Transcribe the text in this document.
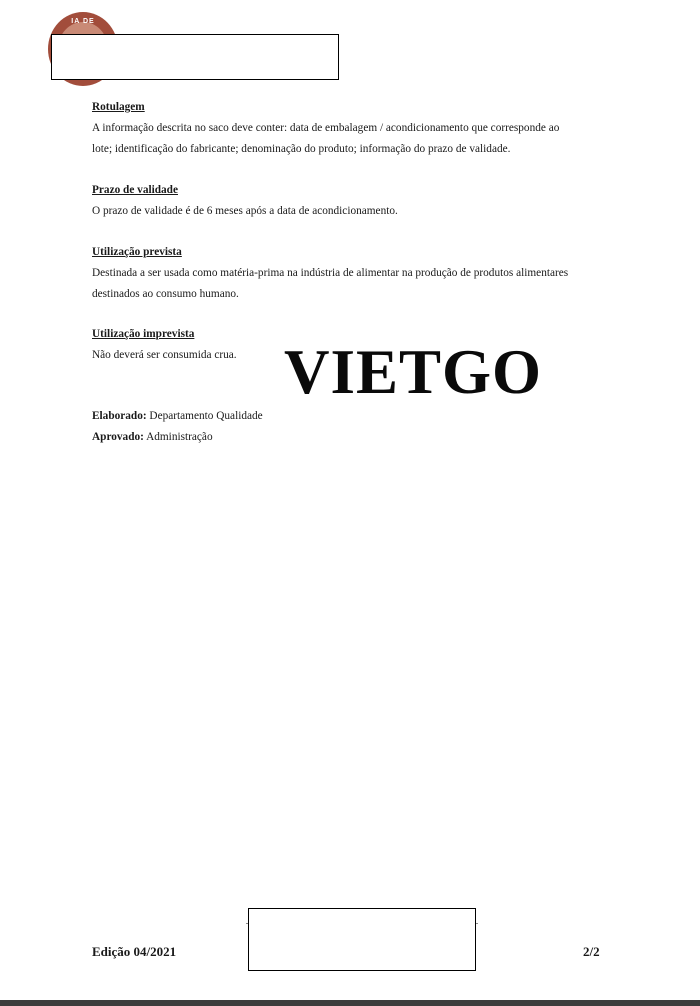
IA DE
Rotulagem
A informação descrita no saco deve conter: data de embalagem / acondicionamento que corresponde ao
lote; identificação do fabricante; denominação do produto; informação do prazo de validade.
Prazo de validade
O prazo de validade é de 6 meses após a data de acondicionamento.
Utilização prevista
Destinada a ser usada como matéria-prima na indústria de alimentar na produção de produtos alimentares
destinados ao consumo humano.
Utilização imprevista
Não deverá ser consumida crua.
Elaborado: Departamento Qualidade
Aprovado: Administração
VIETGO
Edição 04/2021	2/2
